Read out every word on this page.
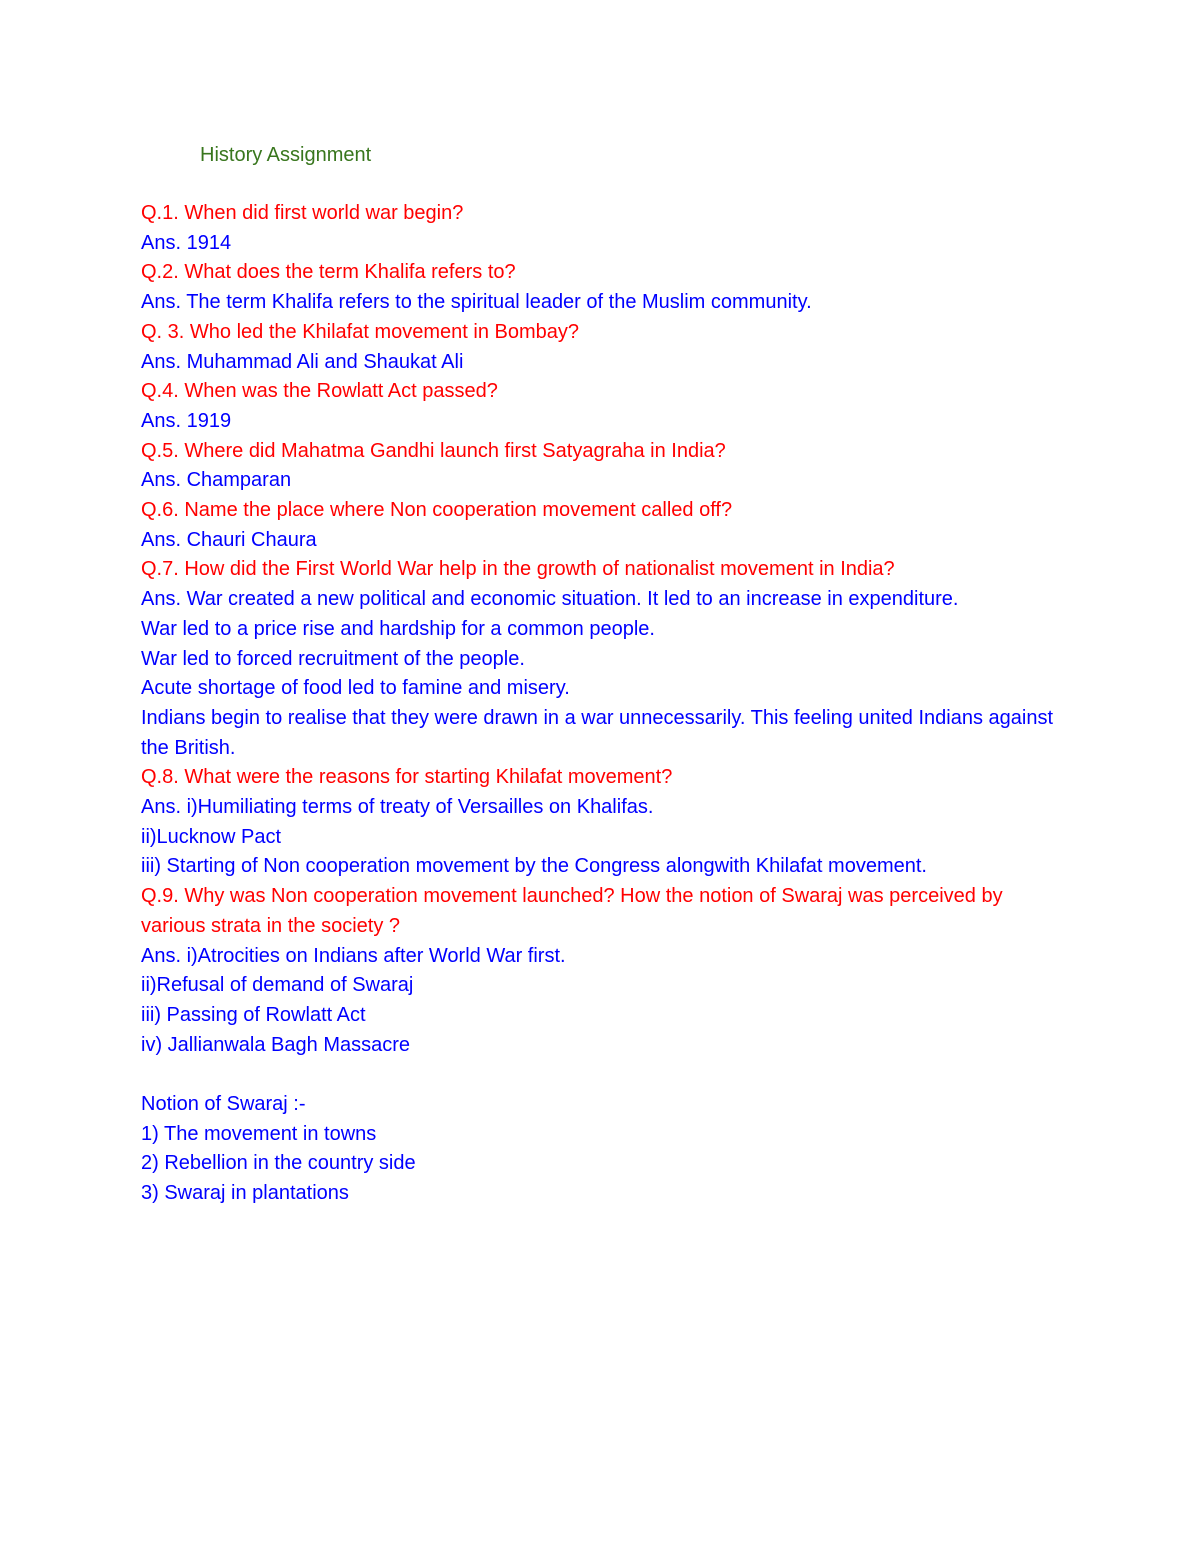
History Assignment

Q.1. When did first world war begin?

Ans. 1914

Q.2. What does the term Khalifa refers to?

Ans. The term Khalifa refers to the spiritual leader of the Muslim community.

Q. 3. Who led the Khilafat movement in Bombay?

Ans. Muhammad Ali and Shaukat Ali

Q.4. When was the Rowlatt Act passed?

Ans. 1919

Q.5. Where did Mahatma Gandhi launch first Satyagraha in India?

Ans. Champaran

Q.6. Name the place where Non cooperation movement called off?

Ans. Chauri Chaura

Q.7. How did the First World War help in the growth of nationalist movement in India?

Ans. War created a new political and economic situation. It led to an increase in expenditure.

War led to a price rise and hardship for a common people.

War led to forced recruitment of the people.

Acute shortage of food led to famine and misery.

Indians begin to realise that they were drawn in a war unnecessarily. This feeling united Indians against the British.

Q.8. What were the reasons for starting Khilafat movement?

Ans. i)Humiliating terms of treaty of Versailles on Khalifas.

ii)Lucknow Pact

iii) Starting of Non cooperation movement by the Congress alongwith Khilafat movement.

Q.9. Why was Non cooperation movement launched? How the notion of Swaraj was perceived by various strata in the society ?

Ans. i)Atrocities on Indians after World War first.

ii)Refusal of demand of Swaraj

iii) Passing of Rowlatt Act

iv) Jallianwala Bagh Massacre

Notion of Swaraj :-

1) The movement in towns

2) Rebellion in the country side

3) Swaraj in plantations
